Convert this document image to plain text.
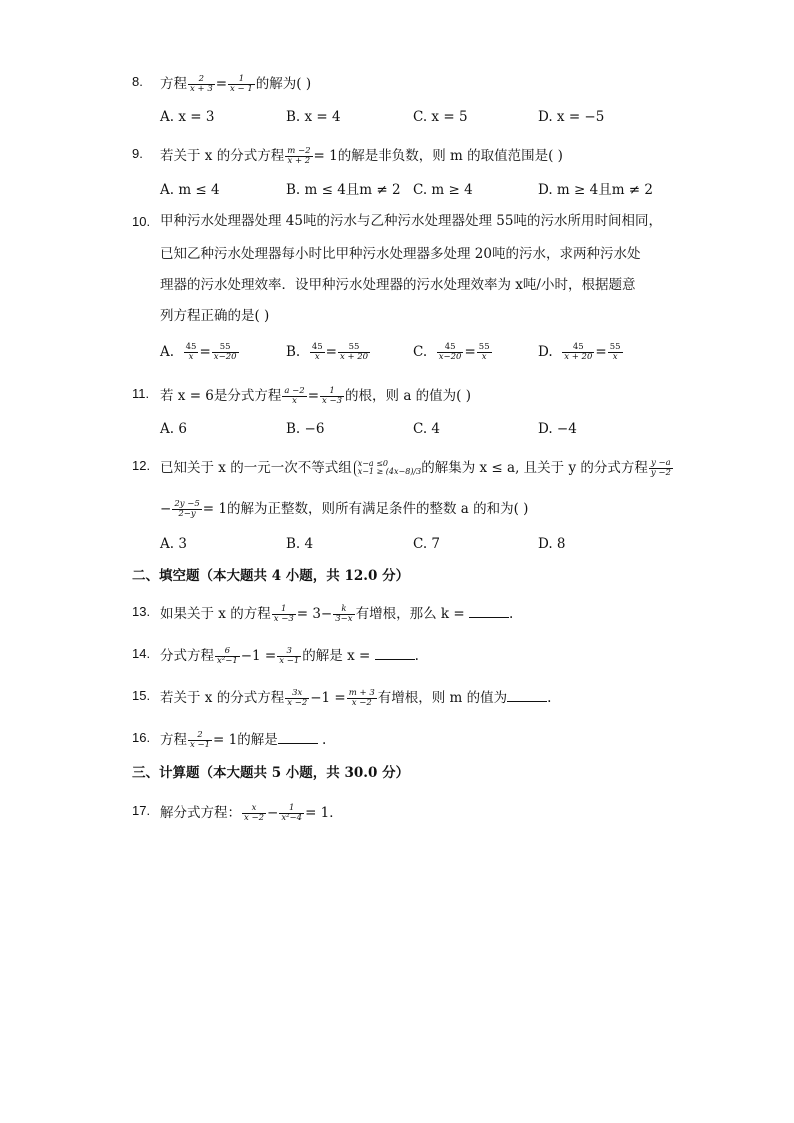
8. 方程 $\frac{2}{x + 3} = \frac{1}{x - 1}$ 的解为( )
A. x = 3	B. x = 4	C. x = 5	D. x = −5
9. 若关于 x 的分式方程 $\frac{m -2}{x + 2} = 1$的解是非负数，则 m 的取值范围是( )
A. m ≤ 4	B. m ≤ 4且m ≠ 2 C. m ≥ 4	D. m ≥ 4且m ≠ 2
10. 甲种污水处理器处理 45吨的污水与乙种污水处理器处理 55吨的污水所用时间相同，
已知乙种污水处理器每小时比甲种污水处理器多处理 20吨的污水，求两种污水处
理器的污水处理效率．设甲种污水处理器的污水处理效率为 x吨/小时，根据题意
列方程正确的是( )
A. $\frac{45}{x} = \frac{55}{x-20}$	B. $\frac{45}{x} = \frac{55}{x + 20}$	C. $\frac{45}{x-20} = \frac{55}{x}$	D. $\frac{45}{x + 20} = \frac{55}{x}$
11. 若 x = 6是分式方程 $\frac{a -2}{x} = \frac{1}{x -3}$ 的根，则 a 的值为( )
A. 6	B. −6	C. 4	D. −4
12. 已知关于 x 的一元一次不等式组 x−a ≤0
x−1 ≥ (4x−8)/3 的解集为 x ≤ a, 且关于 y 的分式方程 $\frac{y -a}{y -2}$
− $\frac{2y -5}{2-y} = 1$的解为正整数，则所有满足条件的整数 a 的和为( )
A. 3	B. 4	C. 7	D. 8
二、填空题（本大题共 4 小题，共 12.0 分）
13. 如果关于 x 的方程 $\frac{1}{x -3} = 3- \frac{k}{3-x}$ 有增根，那么 k =	.
14. 分式方程 $\frac{6}{\text{x²−1}} -1 = \frac{3}{x -1}$ 的解是 x =	.
15. 若关于 x 的分式方程 $\frac{3x}{x -2} -1 = \frac{m + 3}{x -2}$ 有增根，则 m 的值为	.
16. 方程 $\frac{2}{x -1} = 1$的解是	.
三、计算题（本大题共 5 小题，共 30.0 分）
17. 解分式方程： $\frac{x}{x -2} - \frac{1}{\text{x²−4}} = 1$．
